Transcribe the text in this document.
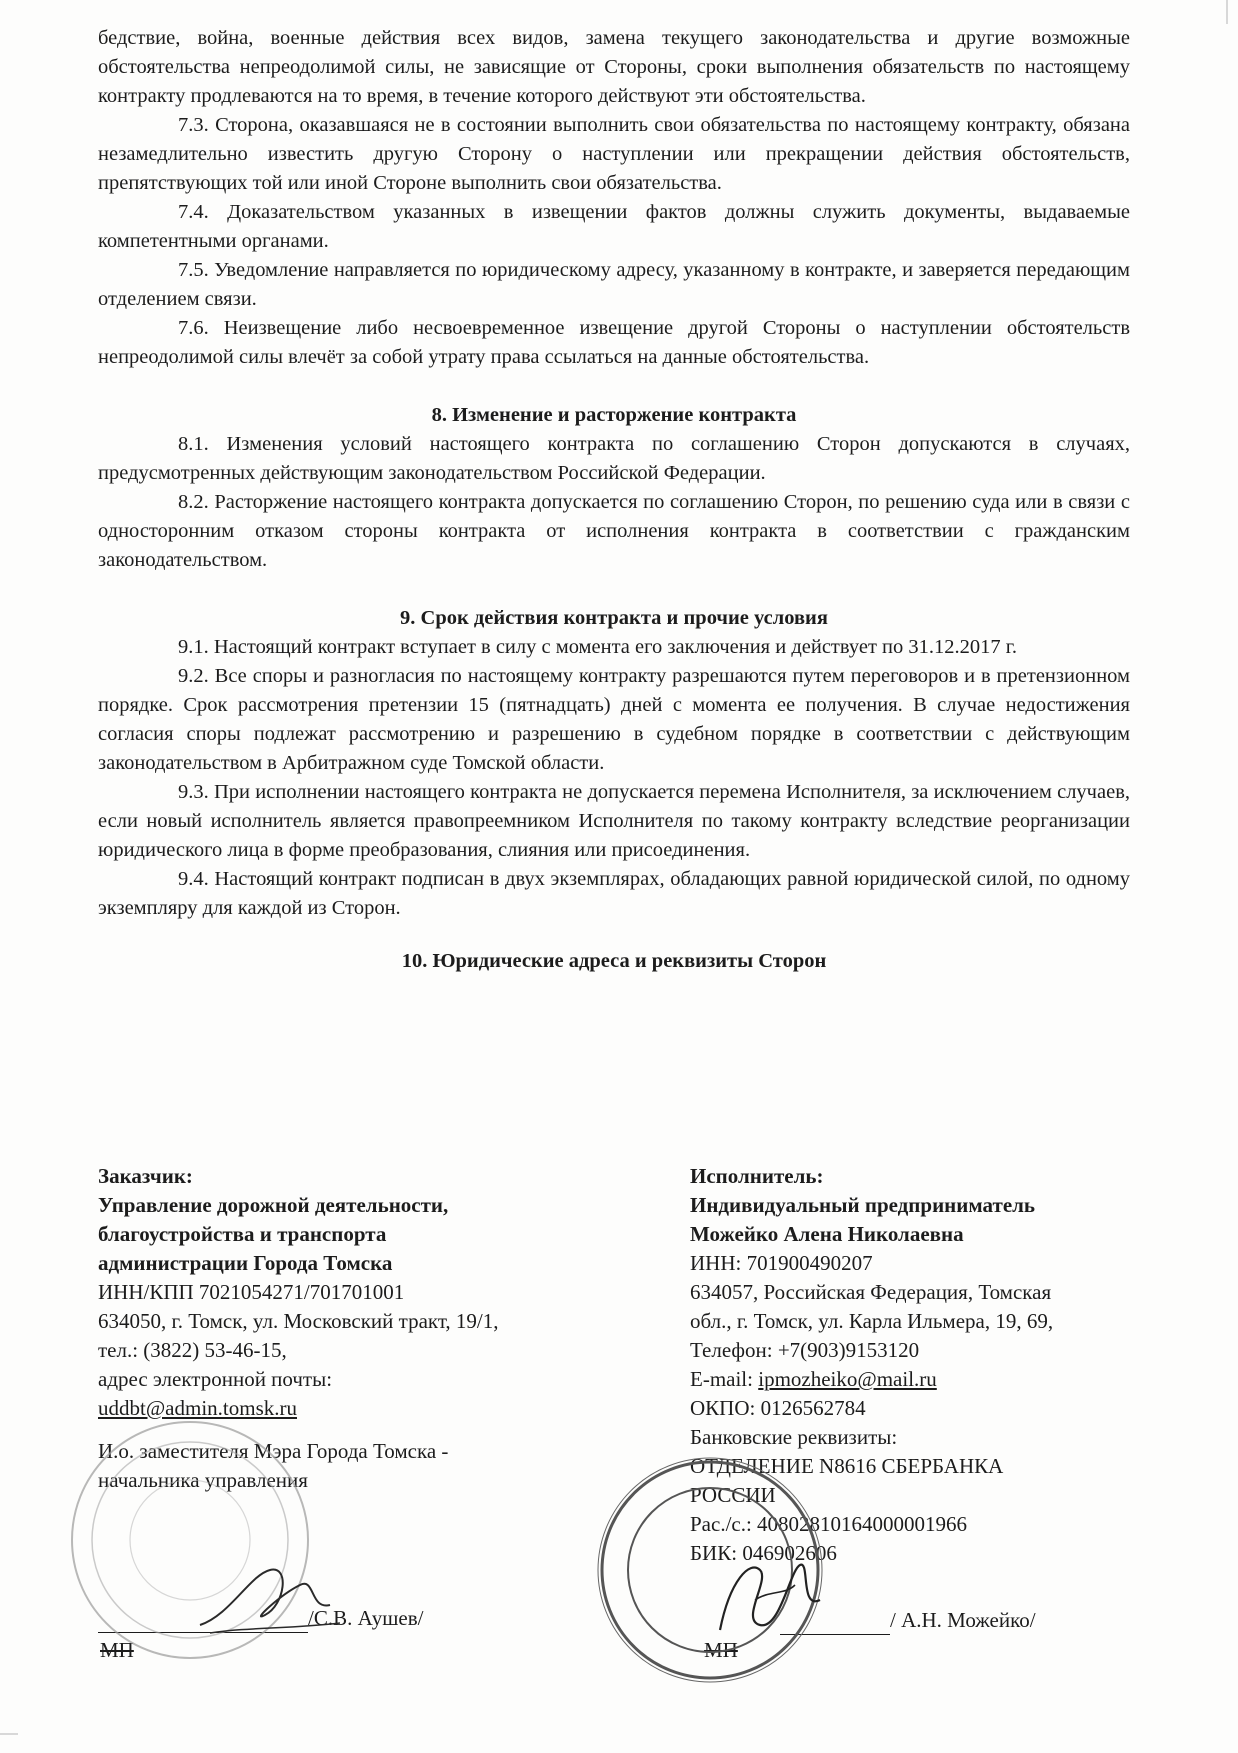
бедствие, война, военные действия всех видов, замена текущего законодательства и другие возможные обстоятельства непреодолимой силы, не зависящие от Стороны, сроки выполнения обязательств по настоящему контракту продлеваются на то время, в течение которого действуют эти обстоятельства.

7.3. Сторона, оказавшаяся не в состоянии выполнить свои обязательства по настоящему контракту, обязана незамедлительно известить другую Сторону о наступлении или прекращении действия обстоятельств, препятствующих той или иной Стороне выполнить свои обязательства.

7.4. Доказательством указанных в извещении фактов должны служить документы, выдаваемые компетентными органами.

7.5. Уведомление направляется по юридическому адресу, указанному в контракте, и заверяется передающим отделением связи.

7.6. Неизвещение либо несвоевременное извещение другой Стороны о наступлении обстоятельств непреодолимой силы влечёт за собой утрату права ссылаться на данные обстоятельства.

8. Изменение и расторжение контракта

8.1. Изменения условий настоящего контракта по соглашению Сторон допускаются в случаях, предусмотренных действующим законодательством Российской Федерации.

8.2. Расторжение настоящего контракта допускается по соглашению Сторон, по решению суда или в связи с односторонним отказом стороны контракта от исполнения контракта в соответствии с гражданским законодательством.

9. Срок действия контракта и прочие условия

9.1. Настоящий контракт вступает в силу с момента его заключения и действует по 31.12.2017 г.

9.2. Все споры и разногласия по настоящему контракту разрешаются путем переговоров и в претензионном порядке. Срок рассмотрения претензии 15 (пятнадцать) дней с момента ее получения. В случае недостижения согласия споры подлежат рассмотрению и разрешению в судебном порядке в соответствии с действующим законодательством в Арбитражном суде Томской области.

9.3. При исполнении настоящего контракта не допускается перемена Исполнителя, за исключением случаев, если новый исполнитель является правопреемником Исполнителя по такому контракту вследствие реорганизации юридического лица в форме преобразования, слияния или присоединения.

9.4. Настоящий контракт подписан в двух экземплярах, обладающих равной юридической силой, по одному экземпляру для каждой из Сторон.

10. Юридические адреса и реквизиты Сторон
Заказчик:
Управление дорожной деятельности,
благоустройства и транспорта
администрации Города Томска
ИНН/КПП 7021054271/701701001
634050, г. Томск, ул. Московский тракт, 19/1,
тел.: (3822) 53-46-15,
адрес электронной почты:
uddbt@admin.tomsk.ru
И.о. заместителя Мэра Города Томска -
начальника управления
Исполнитель:
Индивидуальный предприниматель
Можейко Алена Николаевна
ИНН: 701900490207
634057, Российская Федерация, Томская
обл., г. Томск, ул. Карла Ильмера, 19, 69,
Телефон: +7(903)9153120
E-mail: ipmozheiko@mail.ru
ОКПО: 0126562784
Банковские реквизиты:
ОТДЕЛЕНИЕ N8616 СБЕРБАНКА
РОССИИ
Рас./с.: 40802810164000001966
БИК: 046902606
/С.В. Аушев/
МП
/ А.Н. Можейко/
МП
